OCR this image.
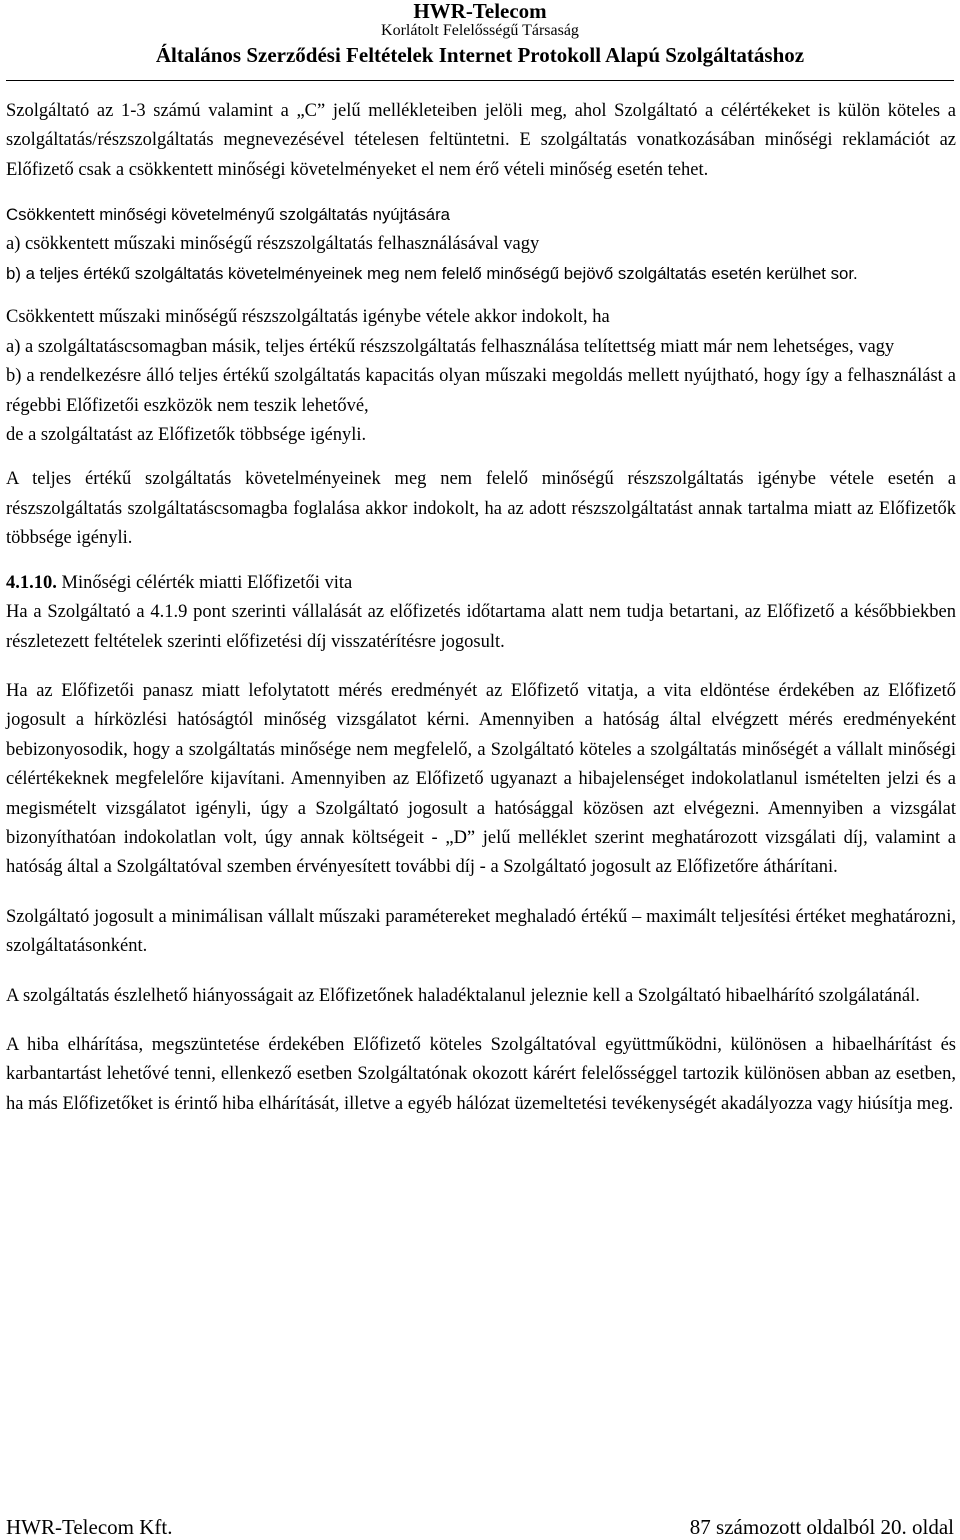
HWR-Telecom
Korlátolt Felelősségű Társaság
Általános Szerződési Feltételek Internet Protokoll Alapú Szolgáltatáshoz

Szolgáltató az 1-3 számú valamint a „C” jelű mellékleteiben jelöli meg, ahol Szolgáltató a célértékeket is külön köteles a szolgáltatás/részszolgáltatás megnevezésével tételesen feltüntetni. E szolgáltatás vonatkozásában minőségi reklamációt az Előfizető csak a csökkentett minőségi követelményeket el nem érő vételi minőség esetén tehet.

Csökkentett minőségi követelményű szolgáltatás nyújtására

a) csökkentett műszaki minőségű részszolgáltatás felhasználásával vagy

b) a teljes értékű szolgáltatás követelményeinek meg nem felelő minőségű bejövő szolgáltatás esetén kerülhet sor.

Csökkentett műszaki minőségű részszolgáltatás igénybe vétele akkor indokolt, ha

a) a szolgáltatáscsomagban másik, teljes értékű részszolgáltatás felhasználása telítettség miatt már nem lehetséges, vagy

b) a rendelkezésre álló teljes értékű szolgáltatás kapacitás olyan műszaki megoldás mellett nyújtható, hogy így a felhasználást a régebbi Előfizetői eszközök nem teszik lehetővé,

de a szolgáltatást az Előfizetők többsége igényli.

A teljes értékű szolgáltatás követelményeinek meg nem felelő minőségű részszolgáltatás igénybe vétele esetén a részszolgáltatás szolgáltatáscsomagba foglalása akkor indokolt, ha az adott részszolgáltatást annak tartalma miatt az Előfizetők többsége igényli.

4.1.10. Minőségi célérték miatti Előfizetői vita

Ha a Szolgáltató a 4.1.9 pont szerinti vállalását az előfizetés időtartama alatt nem tudja betartani, az Előfizető a későbbiekben részletezett feltételek szerinti előfizetési díj visszatérítésre jogosult.

Ha az Előfizetői panasz miatt lefolytatott mérés eredményét az Előfizető vitatja, a vita eldöntése érdekében az Előfizető jogosult a hírközlési hatóságtól minőség vizsgálatot kérni. Amennyiben a hatóság által elvégzett mérés eredményeként bebizonyosodik, hogy a szolgáltatás minősége nem megfelelő, a Szolgáltató köteles a szolgáltatás minőségét a vállalt minőségi célértékeknek megfelelőre kijavítani. Amennyiben az Előfizető ugyanazt a hibajelenséget indokolatlanul ismételten jelzi és a megismételt vizsgálatot igényli, úgy a Szolgáltató jogosult a hatósággal közösen azt elvégezni. Amennyiben a vizsgálat bizonyíthatóan indokolatlan volt, úgy annak költségeit - „D” jelű melléklet szerint meghatározott vizsgálati díj, valamint a hatóság által a Szolgáltatóval szemben érvényesített további díj - a Szolgáltató jogosult az Előfizetőre áthárítani.

Szolgáltató jogosult a minimálisan vállalt műszaki paramétereket meghaladó értékű – maximált teljesítési értéket meghatározni, szolgáltatásonként.

A szolgáltatás észlelhető hiányosságait az Előfizetőnek haladéktalanul jeleznie kell a Szolgáltató hibaelhárító szolgálatánál.

A hiba elhárítása, megszüntetése érdekében Előfizető köteles Szolgáltatóval együttműködni, különösen a hibaelhárítást és karbantartást lehetővé tenni, ellenkező esetben Szolgáltatónak okozott kárért felelősséggel tartozik különösen abban az esetben, ha más Előfizetőket is érintő hiba elhárítását, illetve a egyéb hálózat üzemeltetési tevékenységét akadályozza vagy hiúsítja meg.

HWR-Telecom Kft.	87 számozott oldalból 20. oldal
